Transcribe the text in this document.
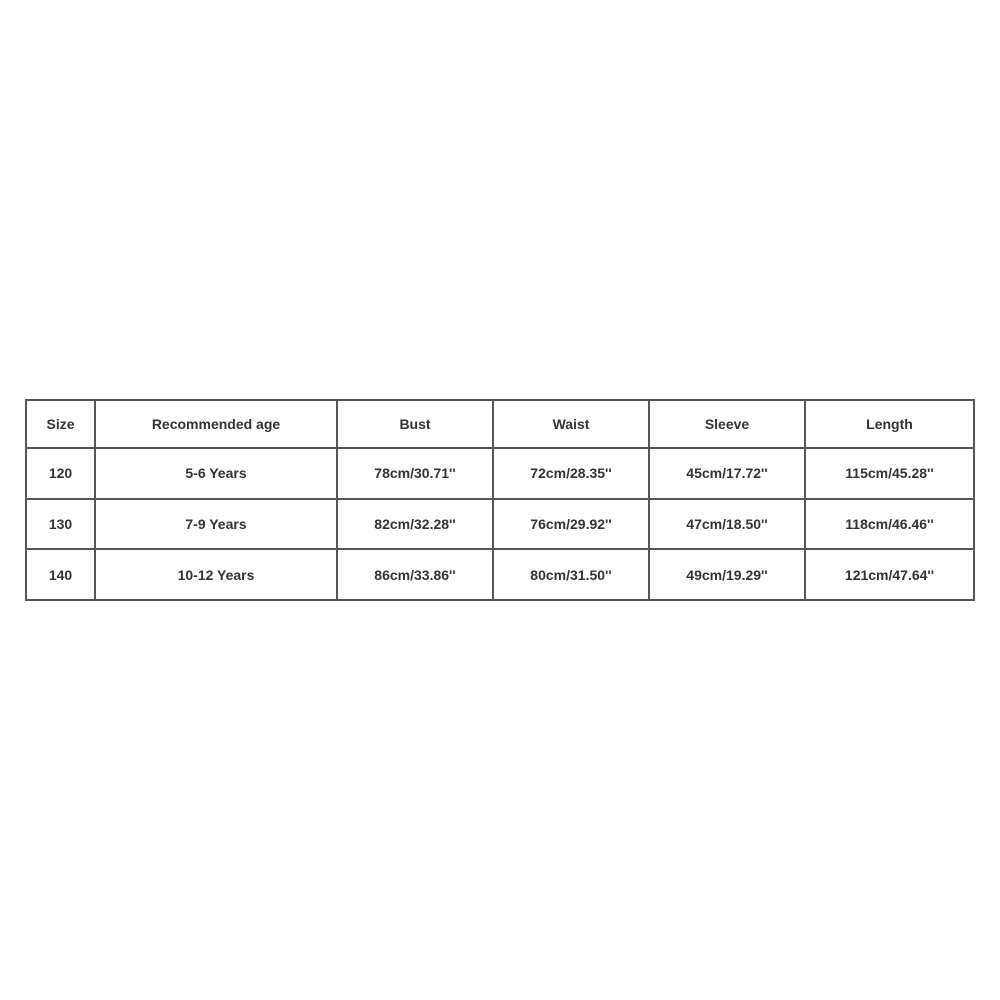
Size	Recommended age	Bust	Waist	Sleeve	Length
120	5-6 Years	78cm/30.71''	72cm/28.35''	45cm/17.72''	115cm/45.28''
130	7-9 Years	82cm/32.28''	76cm/29.92''	47cm/18.50''	118cm/46.46''
140	10-12 Years	86cm/33.86''	80cm/31.50''	49cm/19.29''	121cm/47.64''
